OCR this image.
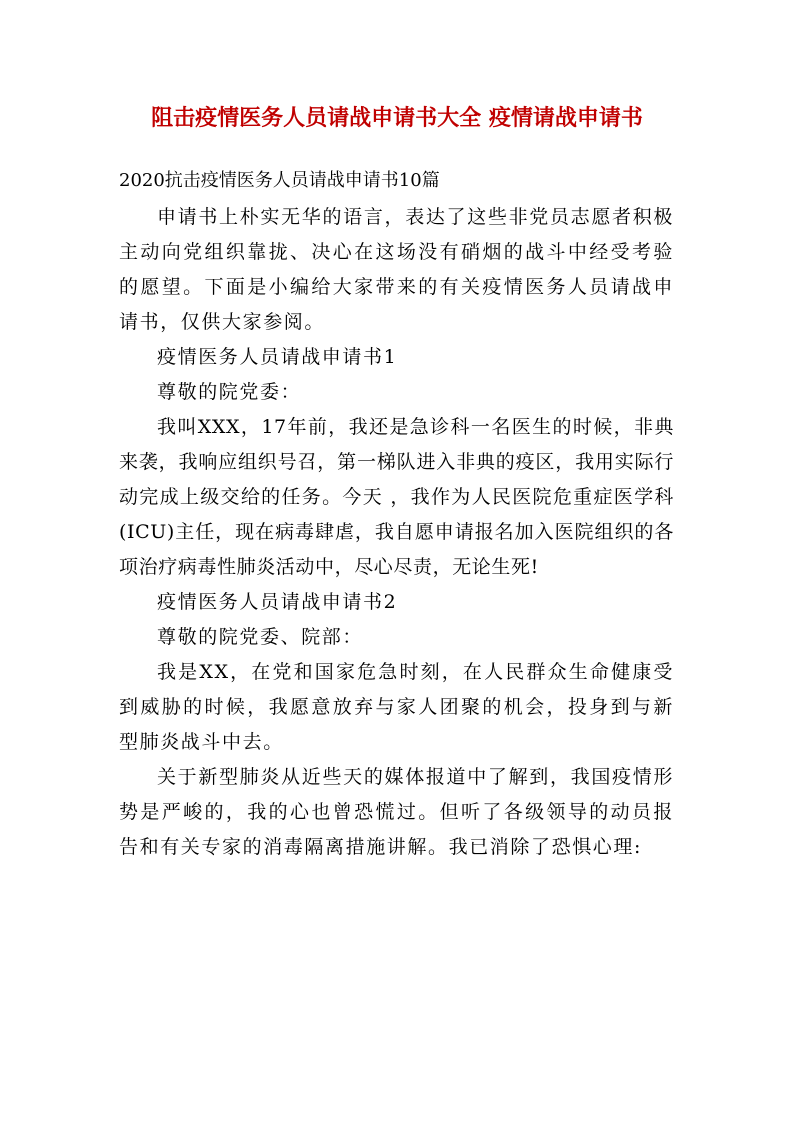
阻击疫情医务人员请战申请书大全 疫情请战申请书

2020抗击疫情医务人员请战申请书10篇

申请书上朴实无华的语言，表达了这些非党员志愿者积极主动向党组织靠拢、决心在这场没有硝烟的战斗中经受考验的愿望。下面是小编给大家带来的有关疫情医务人员请战申请书，仅供大家参阅。

疫情医务人员请战申请书1

尊敬的院党委：

我叫XXX，17年前，我还是急诊科一名医生的时候，非典来袭，我响应组织号召，第一梯队进入非典的疫区，我用实际行动完成上级交给的任务。今天 ，我作为人民医院危重症医学科(ICU)主任，现在病毒肆虐，我自愿申请报名加入医院组织的各项治疗病毒性肺炎活动中，尽心尽责，无论生死!

疫情医务人员请战申请书2

尊敬的院党委、院部：

我是XX，在党和国家危急时刻，在人民群众生命健康受到威胁的时候，我愿意放弃与家人团聚的机会，投身到与新型肺炎战斗中去。

关于新型肺炎从近些天的媒体报道中了解到，我国疫情形势是严峻的，我的心也曾恐慌过。但听了各级领导的动员报告和有关专家的消毒隔离措施讲解。我已消除了恐惧心理:
